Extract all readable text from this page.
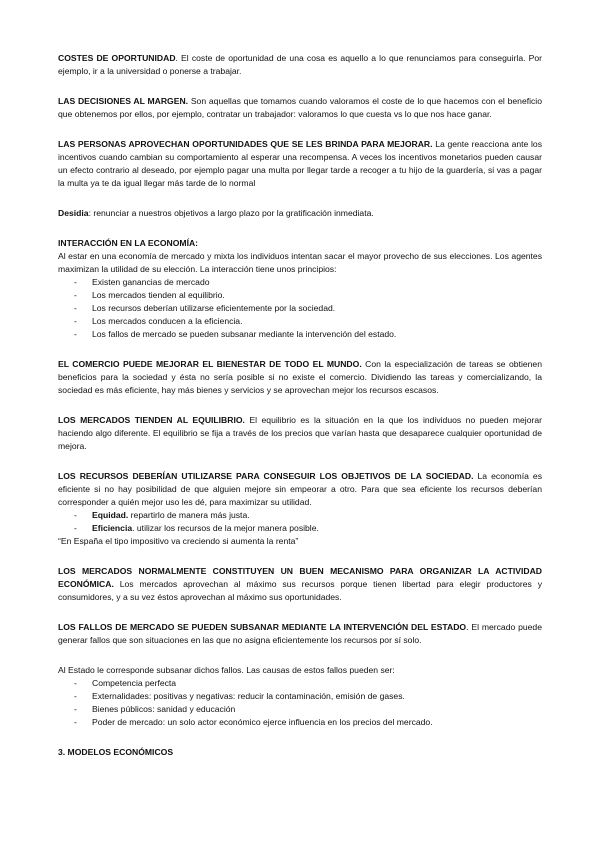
COSTES DE OPORTUNIDAD. El coste de oportunidad de una cosa es aquello a lo que renunciamos para conseguirla. Por ejemplo, ir a la universidad o ponerse a trabajar.

LAS DECISIONES AL MARGEN. Son aquellas que tomamos cuando valoramos el coste de lo que hacemos con el beneficio que obtenemos por ellos, por ejemplo, contratar un trabajador: valoramos lo que cuesta vs lo que nos hace ganar.

LAS PERSONAS APROVECHAN OPORTUNIDADES QUE SE LES BRINDA PARA MEJORAR. La gente reacciona ante los incentivos cuando cambian su comportamiento al esperar una recompensa. A veces los incentivos monetarios pueden causar un efecto contrario al deseado, por ejemplo pagar una multa por llegar tarde a recoger a tu hijo de la guardería, si vas a pagar la multa ya te da igual llegar más tarde de lo normal

Desidia: renunciar a nuestros objetivos a largo plazo por la gratificación inmediata.

INTERACCIÓN EN LA ECONOMÍA:

Al estar en una economía de mercado y mixta los individuos intentan sacar el mayor provecho de sus elecciones. Los agentes maximizan la utilidad de su elección. La interacción tiene unos principios:

- Existen ganancias de mercado
- Los mercados tienden al equilibrio.
- Los recursos deberían utilizarse eficientemente por la sociedad.
- Los mercados conducen a la eficiencia.
- Los fallos de mercado se pueden subsanar mediante la intervención del estado.

EL COMERCIO PUEDE MEJORAR EL BIENESTAR DE TODO EL MUNDO. Con la especialización de tareas se obtienen beneficios para la sociedad y ésta no sería posible si no existe el comercio. Dividiendo las tareas y comercializando, la sociedad es más eficiente, hay más bienes y servicios y se aprovechan mejor los recursos escasos.

LOS MERCADOS TIENDEN AL EQUILIBRIO. El equilibrio es la situación en la que los individuos no pueden mejorar haciendo algo diferente. El equilibrio se fija a través de los precios que varían hasta que desaparece cualquier oportunidad de mejora.

LOS RECURSOS DEBERÍAN UTILIZARSE PARA CONSEGUIR LOS OBJETIVOS DE LA SOCIEDAD. La economía es eficiente si no hay posibilidad de que alguien mejore sin empeorar a otro. Para que sea eficiente los recursos deberían corresponder a quién mejor uso les dé, para maximizar su utilidad.

- Equidad. repartirlo de manera más justa.
- Eficiencia. utilizar los recursos de la mejor manera posible.

“En España el tipo impositivo va creciendo si aumenta la renta”

LOS MERCADOS NORMALMENTE CONSTITUYEN UN BUEN MECANISMO PARA ORGANIZAR LA ACTIVIDAD ECONÓMICA. Los mercados aprovechan al máximo sus recursos porque tienen libertad para elegir productores y consumidores, y a su vez éstos aprovechan al máximo sus oportunidades.

LOS FALLOS DE MERCADO SE PUEDEN SUBSANAR MEDIANTE LA INTERVENCIÓN DEL ESTADO. El mercado puede generar fallos que son situaciones en las que no asigna eficientemente los recursos por sí solo.

Al Estado le corresponde subsanar dichos fallos. Las causas de estos fallos pueden ser:

- Competencia perfecta
- Externalidades: positivas y negativas: reducir la contaminación, emisión de gases.
- Bienes públicos: sanidad y educación
- Poder de mercado: un solo actor económico ejerce influencia en los precios del mercado.

3. MODELOS ECONÓMICOS
